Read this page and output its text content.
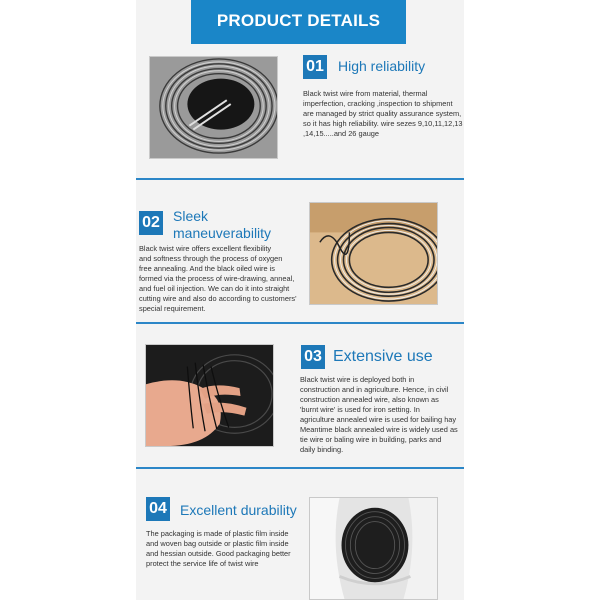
PRODUCT DETAILS
01 High reliability

Black twist wire from material, thermal

imperfection, cracking ,inspection to shipment

are managed by strict quality assurance system,

so it has high reliability. wire sezes 9,10,11,12,13

,14,15.....and 26 gauge

02 Sleek
maneuverability

Black twist wire offers excellent flexibility

and softness through the process of oxygen

free annealing. And the black oiled wire is

formed via the process of wire-drawing, anneal,

and fuel oil injection. We can do it into straight

cutting wire and also do according to customers'

special requirement.

03 Extensive use

Black twist wire is deployed both in

construction and in agriculture. Hence, in civil

construction annealed wire, also known as

'burnt wire' is used for iron setting. In

agriculture annealed wire is used for bailing hay

Meantime black annealed wire is widely used as

tie wire or baling wire in building, parks and

daily binding.

04 Excellent durability

The packaging is made of plastic film inside

and woven bag outside or plastic film inside

and hessian outside. Good packaging better

protect the service life of twist wire
